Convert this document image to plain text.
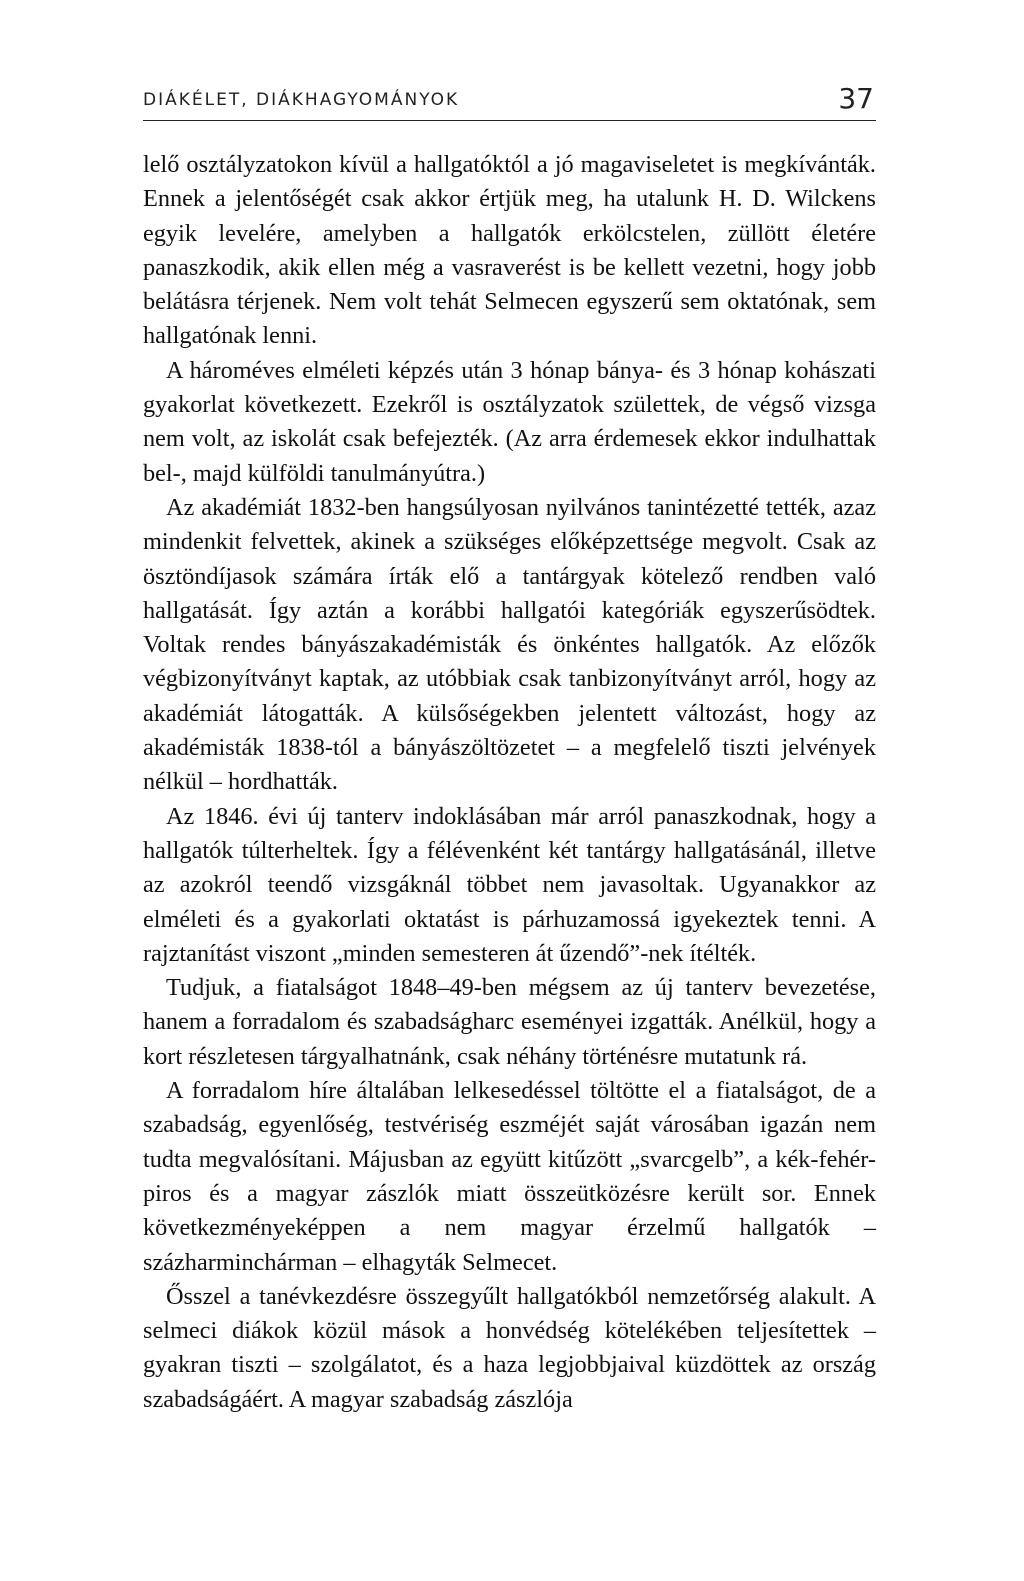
DIÁKÉLET, DIÁKHAGYOMÁNYOK	37

lelő osztályzatokon kívül a hallgatóktól a jó magaviseletet is megkívánták. Ennek a jelentőségét csak akkor értjük meg, ha utalunk H. D. Wilckens egyik levelére, amelyben a hallgatók erkölcstelen, züllött életére panaszkodik, akik ellen még a vasraverést is be kellett vezetni, hogy jobb belátásra térjenek. Nem volt tehát Selmecen egyszerű sem oktatónak, sem hallgatónak lenni.

A hároméves elméleti képzés után 3 hónap bánya- és 3 hónap kohászati gyakorlat következett. Ezekről is osztályzatok születtek, de végső vizsga nem volt, az iskolát csak befejezték. (Az arra érdemesek ekkor indulhattak bel-, majd külföldi tanulmányútra.)

Az akadémiát 1832-ben hangsúlyosan nyilvános tanintézetté tették, azaz mindenkit felvettek, akinek a szükséges előképzettsége megvolt. Csak az ösztöndíjasok számára írták elő a tantárgyak kötelező rendben való hallgatását. Így aztán a korábbi hallgatói kategóriák egyszerűsödtek. Voltak rendes bányászakadémisták és önkéntes hallgatók. Az előzők végbizonyítványt kaptak, az utóbbiak csak tanbizonyítványt arról, hogy az akadémiát látogatták. A külsőségekben jelentett változást, hogy az akadémisták 1838-tól a bányászöltözetet – a megfelelő tiszti jelvények nélkül – hordhatták.

Az 1846. évi új tanterv indoklásában már arról panaszkodnak, hogy a hallgatók túlterheltek. Így a félévenként két tantárgy hallgatásánál, illetve az azokról teendő vizsgáknál többet nem javasoltak. Ugyanakkor az elméleti és a gyakorlati oktatást is párhuzamossá igyekeztek tenni. A rajztanítást viszont „minden semesteren át űzendő”-nek ítélték.

Tudjuk, a fiatalságot 1848–49-ben mégsem az új tanterv bevezetése, hanem a forradalom és szabadságharc eseményei izgatták. Anélkül, hogy a kort részletesen tárgyalhatnánk, csak néhány történésre mutatunk rá.

A forradalom híre általában lelkesedéssel töltötte el a fiatalságot, de a szabadság, egyenlőség, testvériség eszméjét saját városában igazán nem tudta megvalósítani. Májusban az együtt kitűzött „svarcgelb”, a kék-fehér-piros és a magyar zászlók miatt összeütközésre került sor. Ennek következményeképpen a nem magyar érzelmű hallgatók – százharminchárman – elhagyták Selmecet.

Ősszel a tanévkezdésre összegyűlt hallgatókból nemzetőrség alakult. A selmeci diákok közül mások a honvédség kötelékében teljesítettek – gyakran tiszti – szolgálatot, és a haza legjobbjaival küzdöttek az ország szabadságáért. A magyar szabadság zászlója
